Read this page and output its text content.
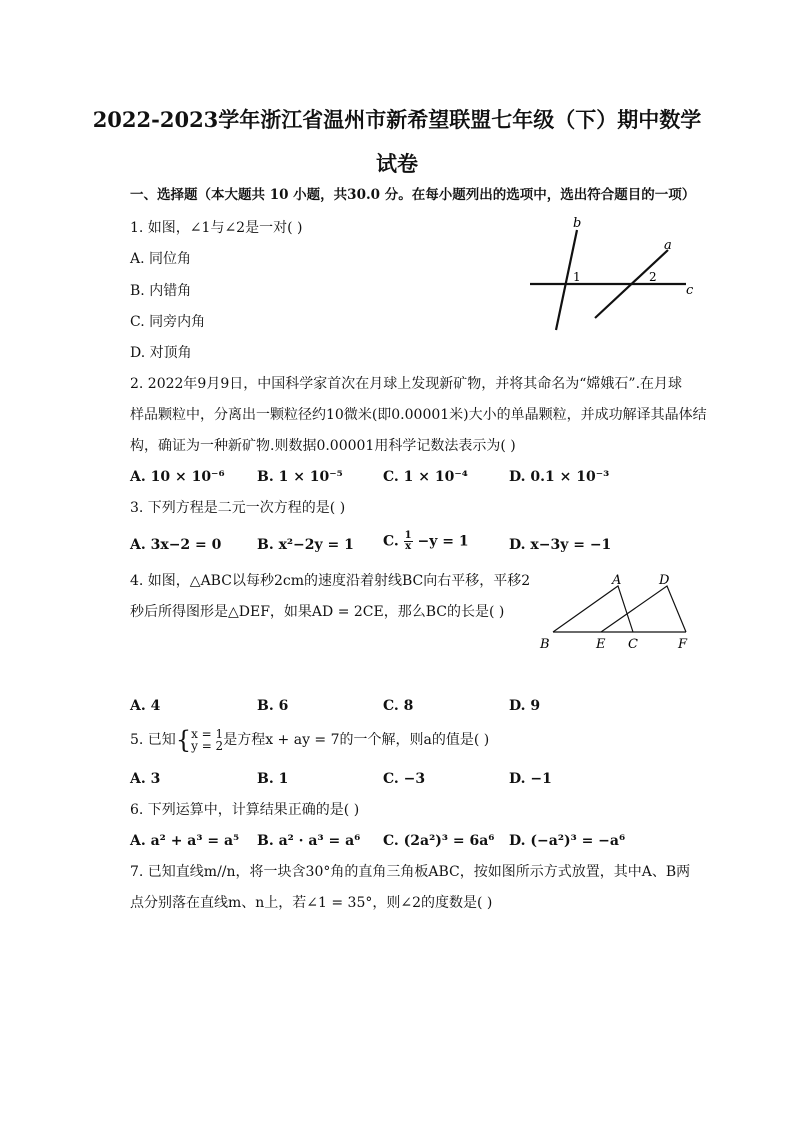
2022-2023学年浙江省温州市新希望联盟七年级（下）期中数学
试卷
一、选择题（本大题共 10 小题，共30.0 分。在每小题列出的选项中，选出符合题目的一项）
1. 如图，∠1与∠2是一对( )
A. 同位角
B. 内错角
C. 同旁内角
D. 对顶角
b
a
c
1	2
2. 2022年9月9日，中国科学家首次在月球上发现新矿物，并将其命名为“嫦娥石”.在月球
样品颗粒中，分离出一颗粒径约10微米(即0.00001米)大小的单晶颗粒，并成功解译其晶体结
构，确证为一种新矿物.则数据0.00001用科学记数法表示为( )
A. 10 × 10⁻⁶ B. 1 × 10⁻⁵	C. 1 × 10⁻⁴	D. 0.1 × 10⁻³
3. 下列方程是二元一次方程的是( )
A. 3x−2 = 0	B. x²−2y = 1 C. $\frac{1}{x} -y = 1$	D. x−3y = −1
4. 如图，△ABC以每秒2cm的速度沿着射线BC向右平移，平移2
秒后所得图形是△DEF，如果AD = 2CE，那么BC的长是( )
A	D
B	E C	F
A. 4	B. 6	C. 8	D. 9
5. 已知{ x = 1
y = 2 是方程x + ay = 7的一个解，则a的值是( )
A. 3	B. 1	C. −3	D. −1
6. 下列运算中，计算结果正确的是( )
A. a² + a³ = a⁵ B. a² · a³ = a⁶ C. (2a²)³ = 6a⁶ D. (−a²)³ = −a⁶
7. 已知直线m//n，将一块含30°角的直角三角板ABC，按如图所示方式放置，其中A、B两
点分别落在直线m、n上，若∠1 = 35°，则∠2的度数是( )
